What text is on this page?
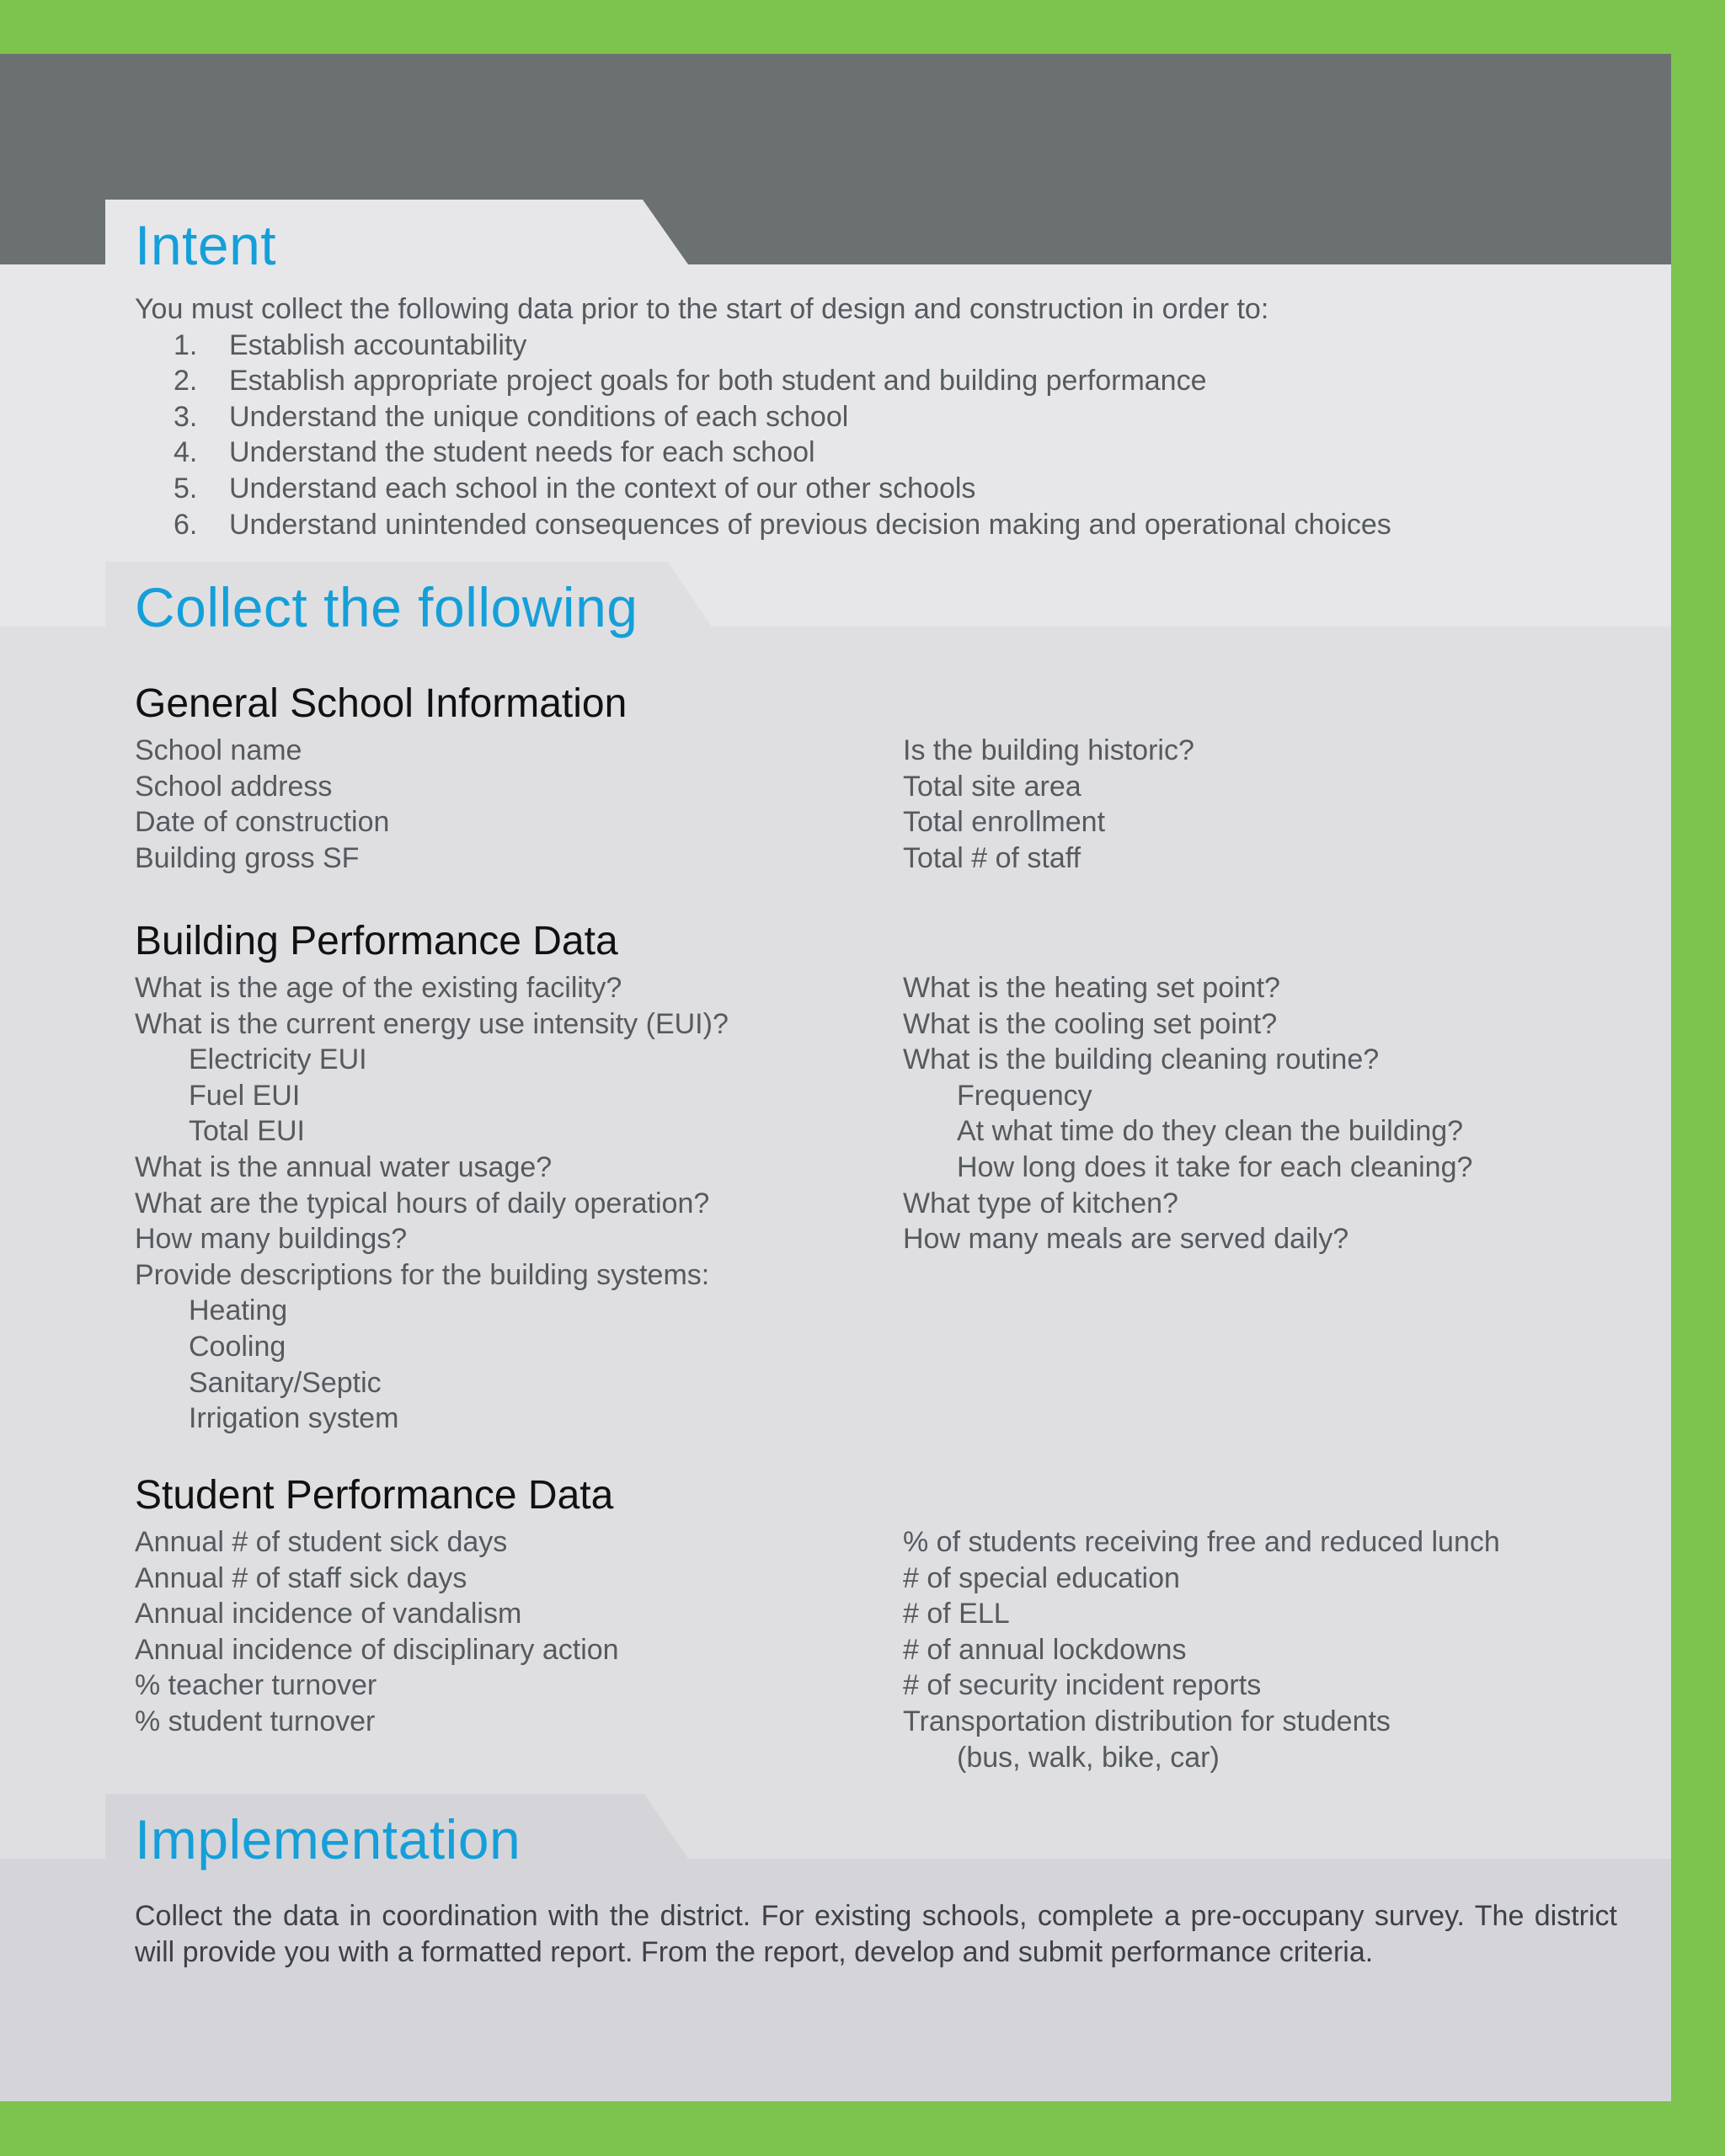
Intent
You must collect the following data prior to the start of design and construction in order to:
1. Establish accountability
2. Establish appropriate project goals for both student and building performance
3. Understand the unique conditions of each school
4. Understand the student needs for each school
5. Understand each school in the context of our other schools
6. Understand unintended consequences of previous decision making and operational choices
Collect the following
General School Information
School name
School address
Date of construction
Building gross SF
Is the building historic?
Total site area
Total enrollment
Total # of staff
Building Performance Data
What is the age of the existing facility?
What is the current energy use intensity (EUI)?
Electricity EUI
Fuel EUI
Total EUI
What is the annual water usage?
What are the typical hours of daily operation?
How many buildings?
Provide descriptions for the building systems:
Heating
Cooling
Sanitary/Septic
Irrigation system
What is the heating set point?
What is the cooling set point?
What is the building cleaning routine?
Frequency
At what time do they clean the building?
How long does it take for each cleaning?
What type of kitchen?
How many meals are served daily?
Student Performance Data
Annual # of student sick days
Annual # of staff sick days
Annual incidence of vandalism
Annual incidence of disciplinary action
% teacher turnover
% student turnover
% of students receiving free and reduced lunch
# of special education
# of ELL
# of annual lockdowns
# of security incident reports
Transportation distribution for students
(bus, walk, bike, car)
Implementation
Collect the data in coordination with the district. For existing schools, complete a pre-occupany survey. The district will provide you with a formatted report. From the report, develop and submit performance criteria.
